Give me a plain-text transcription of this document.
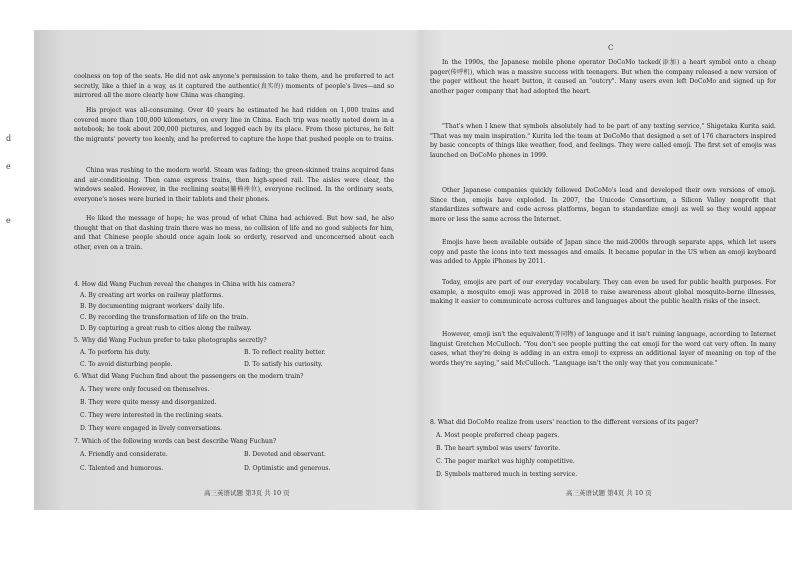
d
e
e

coolness on top of the seats. He did not ask anyone's permission to take them, and he preferred to act secretly, like a thief in a way, as it captured the authentic(真实的) moments of people's lives—and so mirrored all the more clearly how China was changing.

His project was all-consuming. Over 40 years he estimated he had ridden on 1,000 trains and covered more than 100,000 kilometers, on every line in China. Each trip was neatly noted down in a notebook; he took about 200,000 pictures, and logged each by its place. From those pictures, he felt the migrants' poverty too keenly, and he preferred to capture the hope that pushed people on to trains.

China was rushing to the modern world. Steam was fading; the green-skinned trains acquired fans and air-conditioning. Then came express trains, then high-speed rail. The aisles were clear, the windows sealed. However, in the reclining seats(躺椅座位), everyone reclined. In the ordinary seats, everyone's noses were buried in their tablets and their phones.

He liked the message of hope; he was proud of what China had achieved. But how sad, he also thought that on that dashing train there was no mess, no collision of life and no good subjects for him, and that Chinese people should once again look so orderly, reserved and unconcerned about each other, even on a train.

4. How did Wang Fuchun reveal the changes in China with his camera?
A. By creating art works on railway platforms.
B. By documenting migrant workers' daily life.
C. By recording the transformation of life on the train.
D. By capturing a great rush to cities along the railway.
5. Why did Wang Fuchun prefer to take photographs secretly?
A. To perform his duty.	B. To reflect reality better.
C. To avoid disturbing people.	D. To satisfy his curiosity.
6. What did Wang Fuchun find about the passengers on the modern train?
A. They were only focused on themselves.
B. They were quite messy and disorganized.
C. They were interested in the reclining seats.
D. They were engaged in lively conversations.
7. Which of the following words can best describe Wang Fuchun?
A. Friendly and considerate.	B. Devoted and observant.
C. Talented and humorous.	D. Optimistic and generous.
高三英语试题 第3页 共 10 页
C

In the 1990s, the Japanese mobile phone operator DoCoMo tacked(添加) a heart symbol onto a cheap pager(传呼机), which was a massive success with teenagers. But when the company released a new version of the pager without the heart button, it caused an "outcry". Many users even left DoCoMo and signed up for another pager company that had adopted the heart.

"That's when I knew that symbols absolutely had to be part of any texting service," Shigetaka Kurita said. "That was my main inspiration." Kurita led the team at DoCoMo that designed a set of 176 characters inspired by basic concepts of things like weather, food, and feelings. They were called emoji. The first set of emojis was launched on DoCoMo phones in 1999.

Other Japanese companies quickly followed DoCoMo's lead and developed their own versions of emoji. Since then, emojis have exploded. In 2007, the Unicode Consortium, a Silicon Valley nonprofit that standardizes software and code across platforms, began to standardize emoji as well so they would appear more or less the same across the Internet.

Emojis have been available outside of Japan since the mid-2000s through separate apps, which let users copy and paste the icons into text messages and emails. It became popular in the US when an emoji keyboard was added to Apple iPhones by 2011.

Today, emojis are part of our everyday vocabulary. They can even be used for public health purposes. For example, a mosquito emoji was approved in 2018 to raise awareness about global mosquito-borne illnesses, making it easier to communicate across cultures and languages about the public health risks of the insect.

However, emoji isn't the equivalent(等同物) of language and it isn't ruining language, according to Internet linguist Gretchen McCulloch. "You don't see people putting the cat emoji for the word cat very often. In many cases, what they're doing is adding in an extra emoji to express an additional layer of meaning on top of the words they're saying," said McCulloch. "Language isn't the only way that you communicate."

8. What did DoCoMo realize from users' reaction to the different versions of its pager?
A. Most people preferred cheap pagers.
B. The heart symbol was users' favorite.
C. The pager market was highly competitive.
D. Symbols mattered much in texting service.
高三英语试题 第4页 共 10 页
